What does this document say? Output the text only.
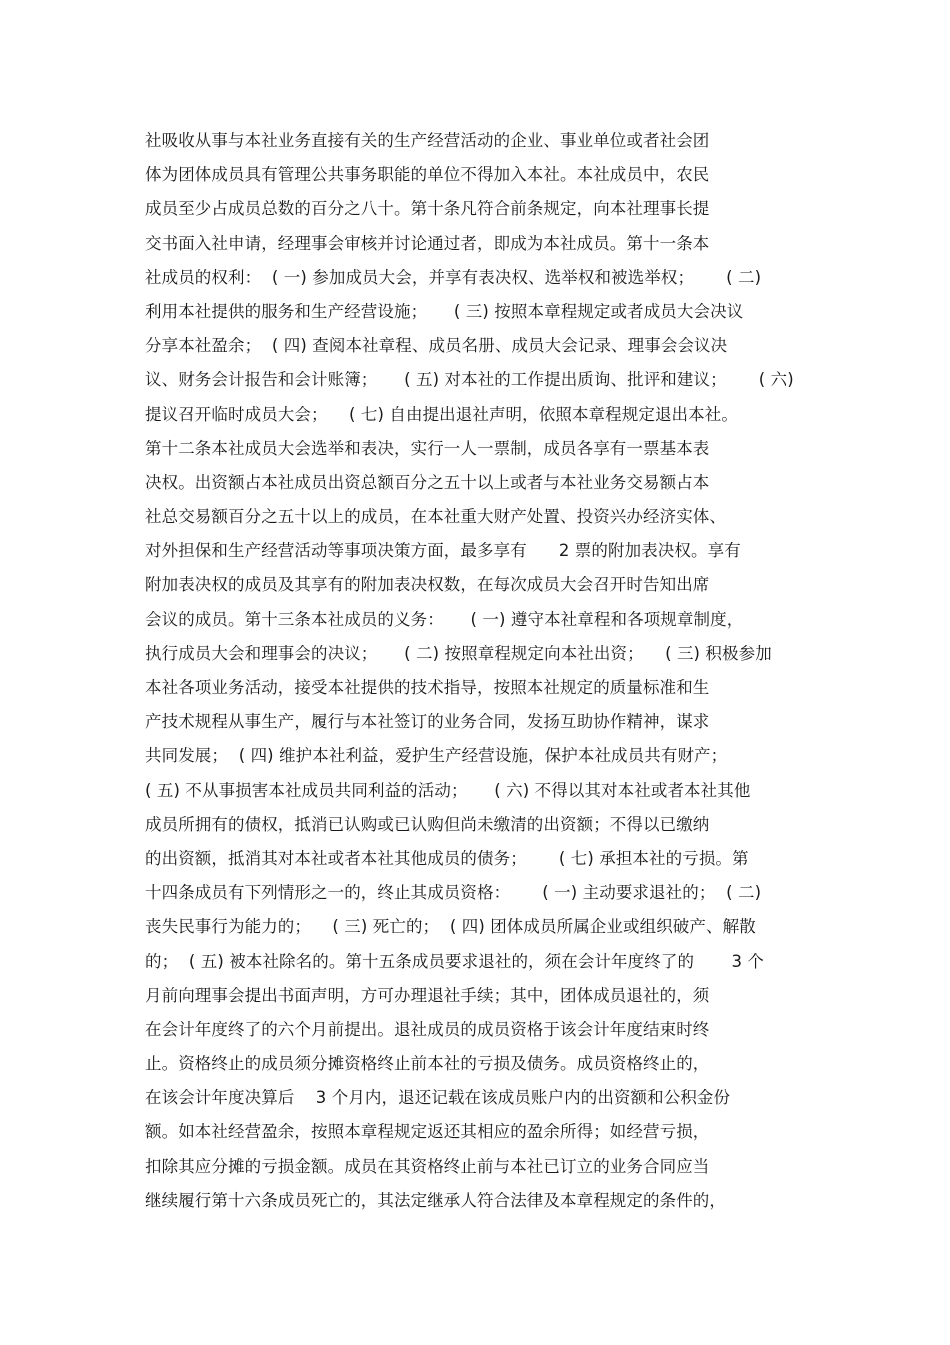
社吸收从事与本社业务直接有关的生产经营活动的企业、事业单位或者社会团
体为团体成员具有管理公共事务职能的单位不得加入本社。本社成员中，农民
成员至少占成员总数的百分之八十。第十条凡符合前条规定，向本社理事长提
交书面入社申请，经理事会审核并讨论通过者，即成为本社成员。第十一条本
社成员的权利：  ( 一) 参加成员大会，并享有表决权、选举权和被选举权；      ( 二)
利用本社提供的服务和生产经营设施；     ( 三) 按照本章程规定或者成员大会决议
分享本社盈余；  ( 四) 查阅本社章程、成员名册、成员大会记录、理事会会议决
议、财务会计报告和会计账簿；     ( 五) 对本社的工作提出质询、批评和建议；      ( 六)
提议召开临时成员大会；    ( 七) 自由提出退社声明，依照本章程规定退出本社。
第十二条本社成员大会选举和表决，实行一人一票制，成员各享有一票基本表
决权。出资额占本社成员出资总额百分之五十以上或者与本社业务交易额占本
社总交易额百分之五十以上的成员，在本社重大财产处置、投资兴办经济实体、
对外担保和生产经营活动等事项决策方面，最多享有      2 票的附加表决权。享有
附加表决权的成员及其享有的附加表决权数，在每次成员大会召开时告知出席
会议的成员。第十三条本社成员的义务：     ( 一) 遵守本社章程和各项规章制度，
执行成员大会和理事会的决议；     ( 二) 按照章程规定向本社出资；    ( 三) 积极参加
本社各项业务活动，接受本社提供的技术指导，按照本社规定的质量标准和生
产技术规程从事生产，履行与本社签订的业务合同，发扬互助协作精神，谋求
共同发展；  ( 四) 维护本社利益，爱护生产经营设施，保护本社成员共有财产；
( 五) 不从事损害本社成员共同利益的活动；     ( 六) 不得以其对本社或者本社其他
成员所拥有的债权，抵消已认购或已认购但尚未缴清的出资额；不得以已缴纳
的出资额，抵消其对本社或者本社其他成员的债务；      ( 七) 承担本社的亏损。第
十四条成员有下列情形之一的，终止其成员资格：      ( 一) 主动要求退社的；  ( 二)
丧失民事行为能力的；    ( 三) 死亡的；  ( 四) 团体成员所属企业或组织破产、解散
的；  ( 五) 被本社除名的。第十五条成员要求退社的，须在会计年度终了的       3 个
月前向理事会提出书面声明，方可办理退社手续；其中，团体成员退社的，须
在会计年度终了的六个月前提出。退社成员的成员资格于该会计年度结束时终
止。资格终止的成员须分摊资格终止前本社的亏损及债务。成员资格终止的，
在该会计年度决算后    3 个月内，退还记载在该成员账户内的出资额和公积金份
额。如本社经营盈余，按照本章程规定返还其相应的盈余所得；如经营亏损，
扣除其应分摊的亏损金额。成员在其资格终止前与本社已订立的业务合同应当
继续履行第十六条成员死亡的，其法定继承人符合法律及本章程规定的条件的，
